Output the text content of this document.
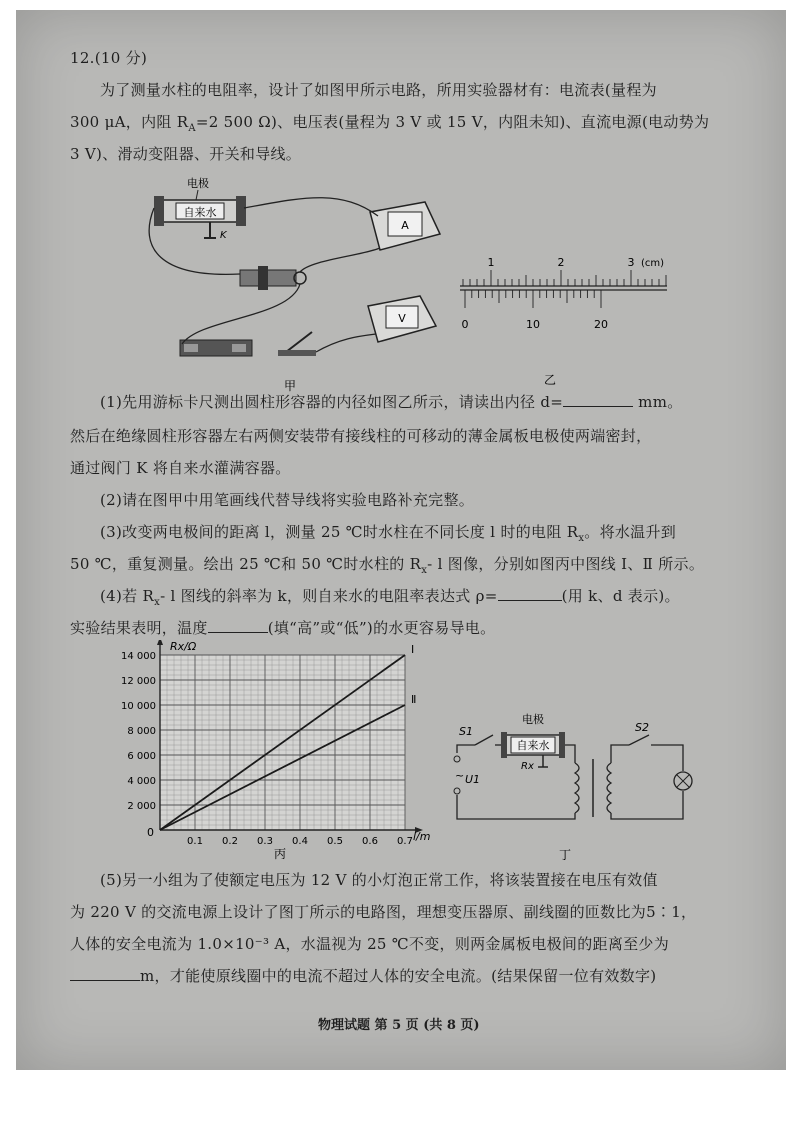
12.(10 分)
为了测量水柱的电阻率，设计了如图甲所示电路，所用实验器材有：电流表(量程为
300 μA，内阻 $R_A=2$ 500 Ω)、电压表(量程为 3 V 或 15 V，内阻未知)、直流电源(电动势为
3 V)、滑动变阻器、开关和导线。
自来水
电极
K
A
V
甲
1	2	3 (cm)
0	10	20
乙
(1)先用游标卡尺测出圆柱形容器的内径如图乙所示，请读出内径 d=	mm。
然后在绝缘圆柱形容器左右两侧安装带有接线柱的可移动的薄金属板电极使两端密封，
通过阀门 K 将自来水灌满容器。
(2)请在图甲中用笔画线代替导线将实验电路补充完整。
(3)改变两电极间的距离 l，测量 25 ℃时水柱在不同长度 l 时的电阻 $R_x$。将水温升到
50 ℃，重复测量。绘出 25 ℃和 50 ℃时水柱的 $R_x-$ l 图像，分别如图丙中图线 Ⅰ、Ⅱ 所示。
(4)若 $R_x-$ l 图线的斜率为 k，则自来水的电阻率表达式 ρ=	(用 k、d 表示)。
实验结果表明，温度	(填“高”或“低”)的水更容易导电。
2 000
4 000
6 000
8 000
10 000
12 000
14 000
0.1 0.2 0.3 0.4 0.5 0.6 0.7
Ⅰ
Ⅱ
Rx/Ω
l/m
0
丙
~ U1
S1	S2
自来水
电极
Rx
丁
(5)另一小组为了使额定电压为 12 V 的小灯泡正常工作，将该装置接在电压有效值
为 220 V 的交流电源上设计了图丁所示的电路图，理想变压器原、副线圈的匝数比为5∶1，
人体的安全电流为 1.0×10⁻³ A，水温视为 25 ℃不变，则两金属板电极间的距离至少为
m，才能使原线圈中的电流不超过人体的安全电流。(结果保留一位有效数字)
物理试题 第 5 页 (共 8 页)
